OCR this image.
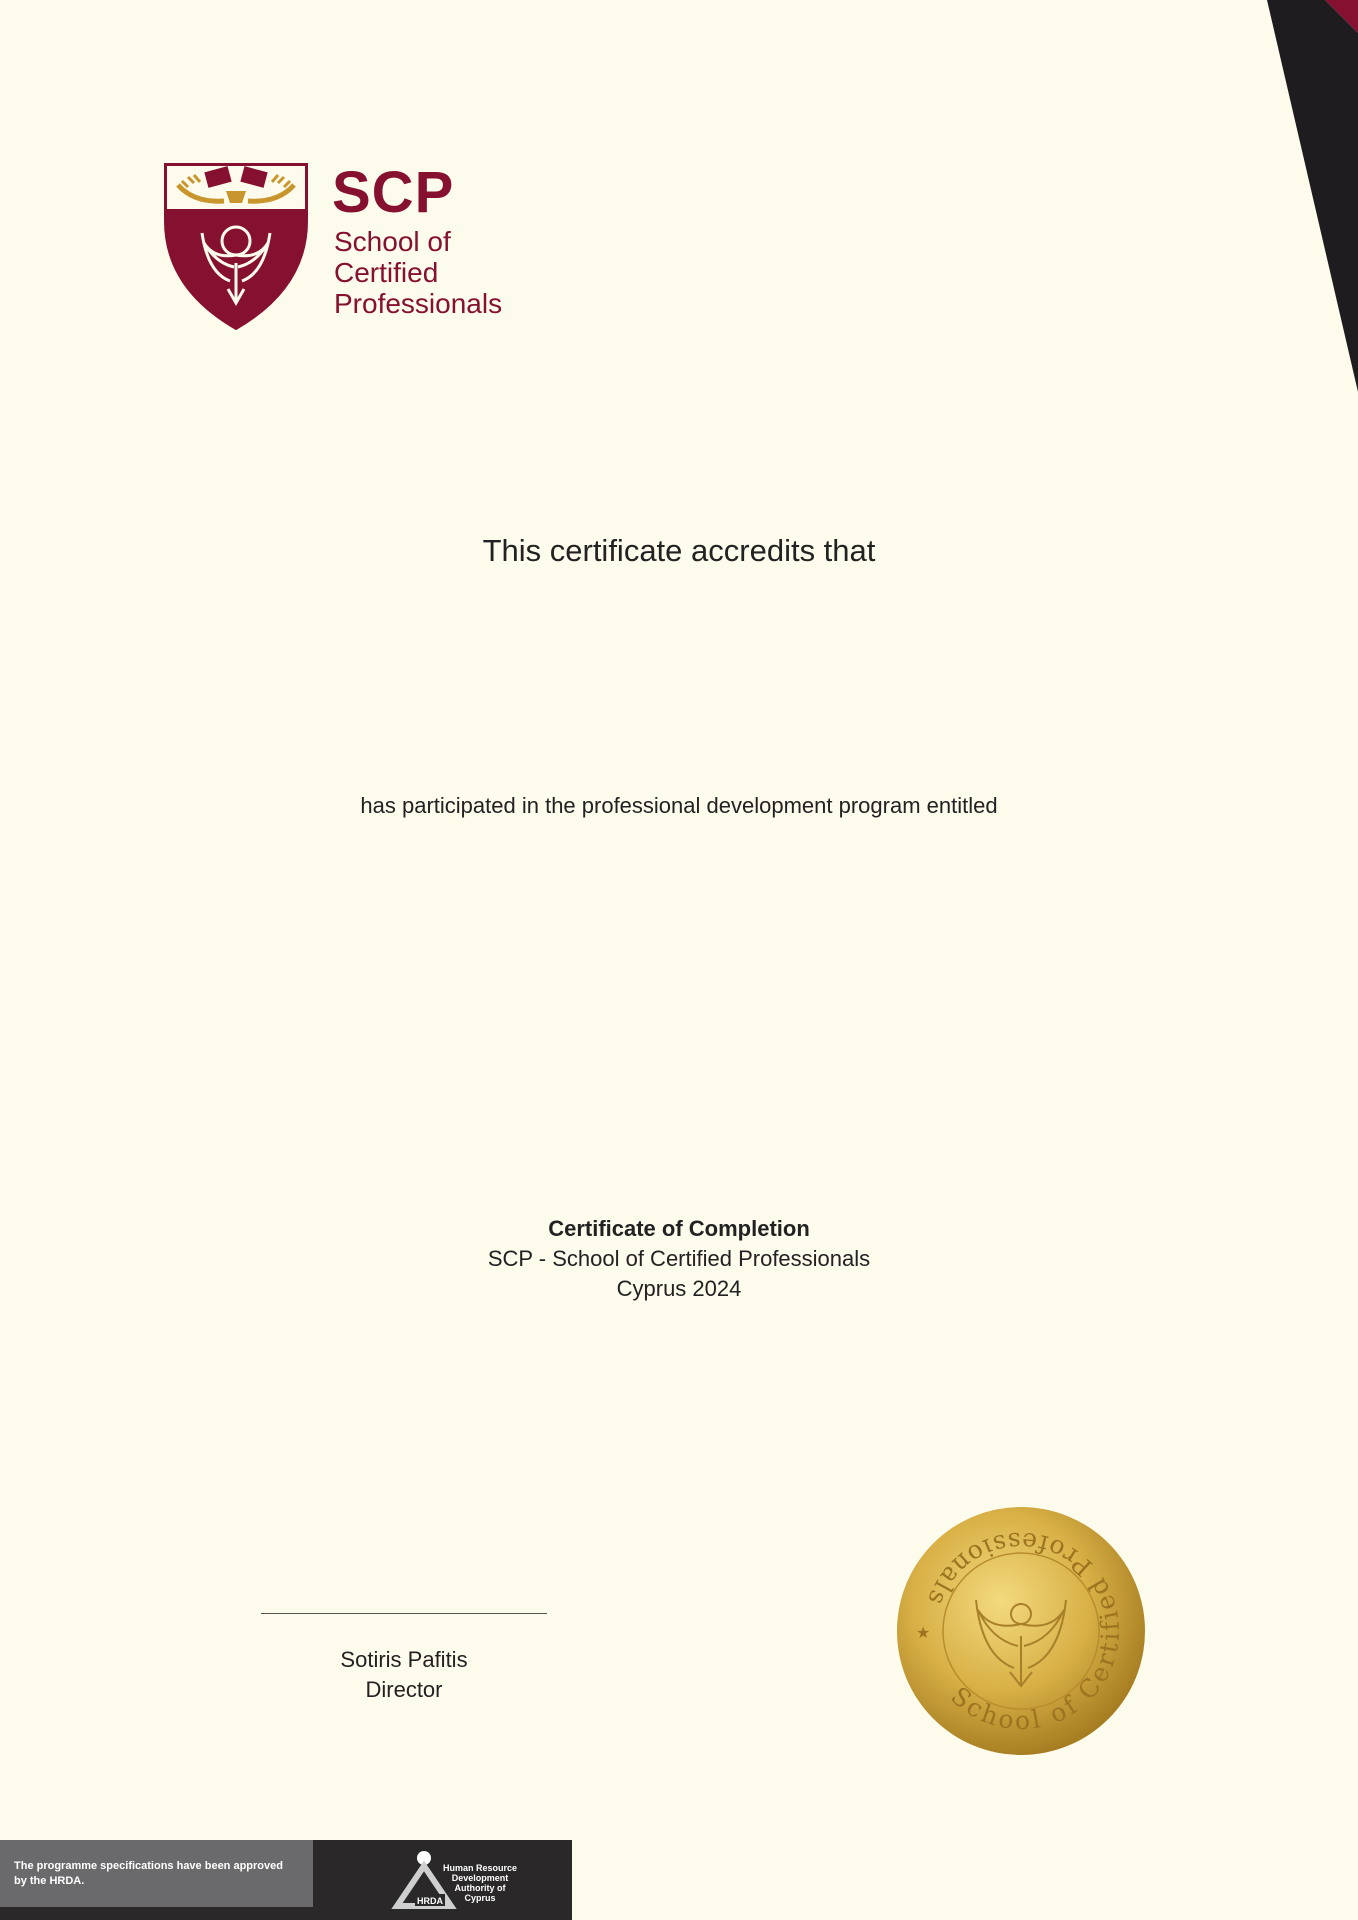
SCP
School of
Certified
Professionals
This certificate accredits that
has participated in the professional development program entitled
Certificate of Completion
SCP - School of Certified Professionals
Cyprus 2024
Sotiris Pafitis
Director	School of Certified Professionals
★
The programme specifications have been approved
by the HRDA.
HRDA
Human Resource
Development
Authority of
Cyprus
